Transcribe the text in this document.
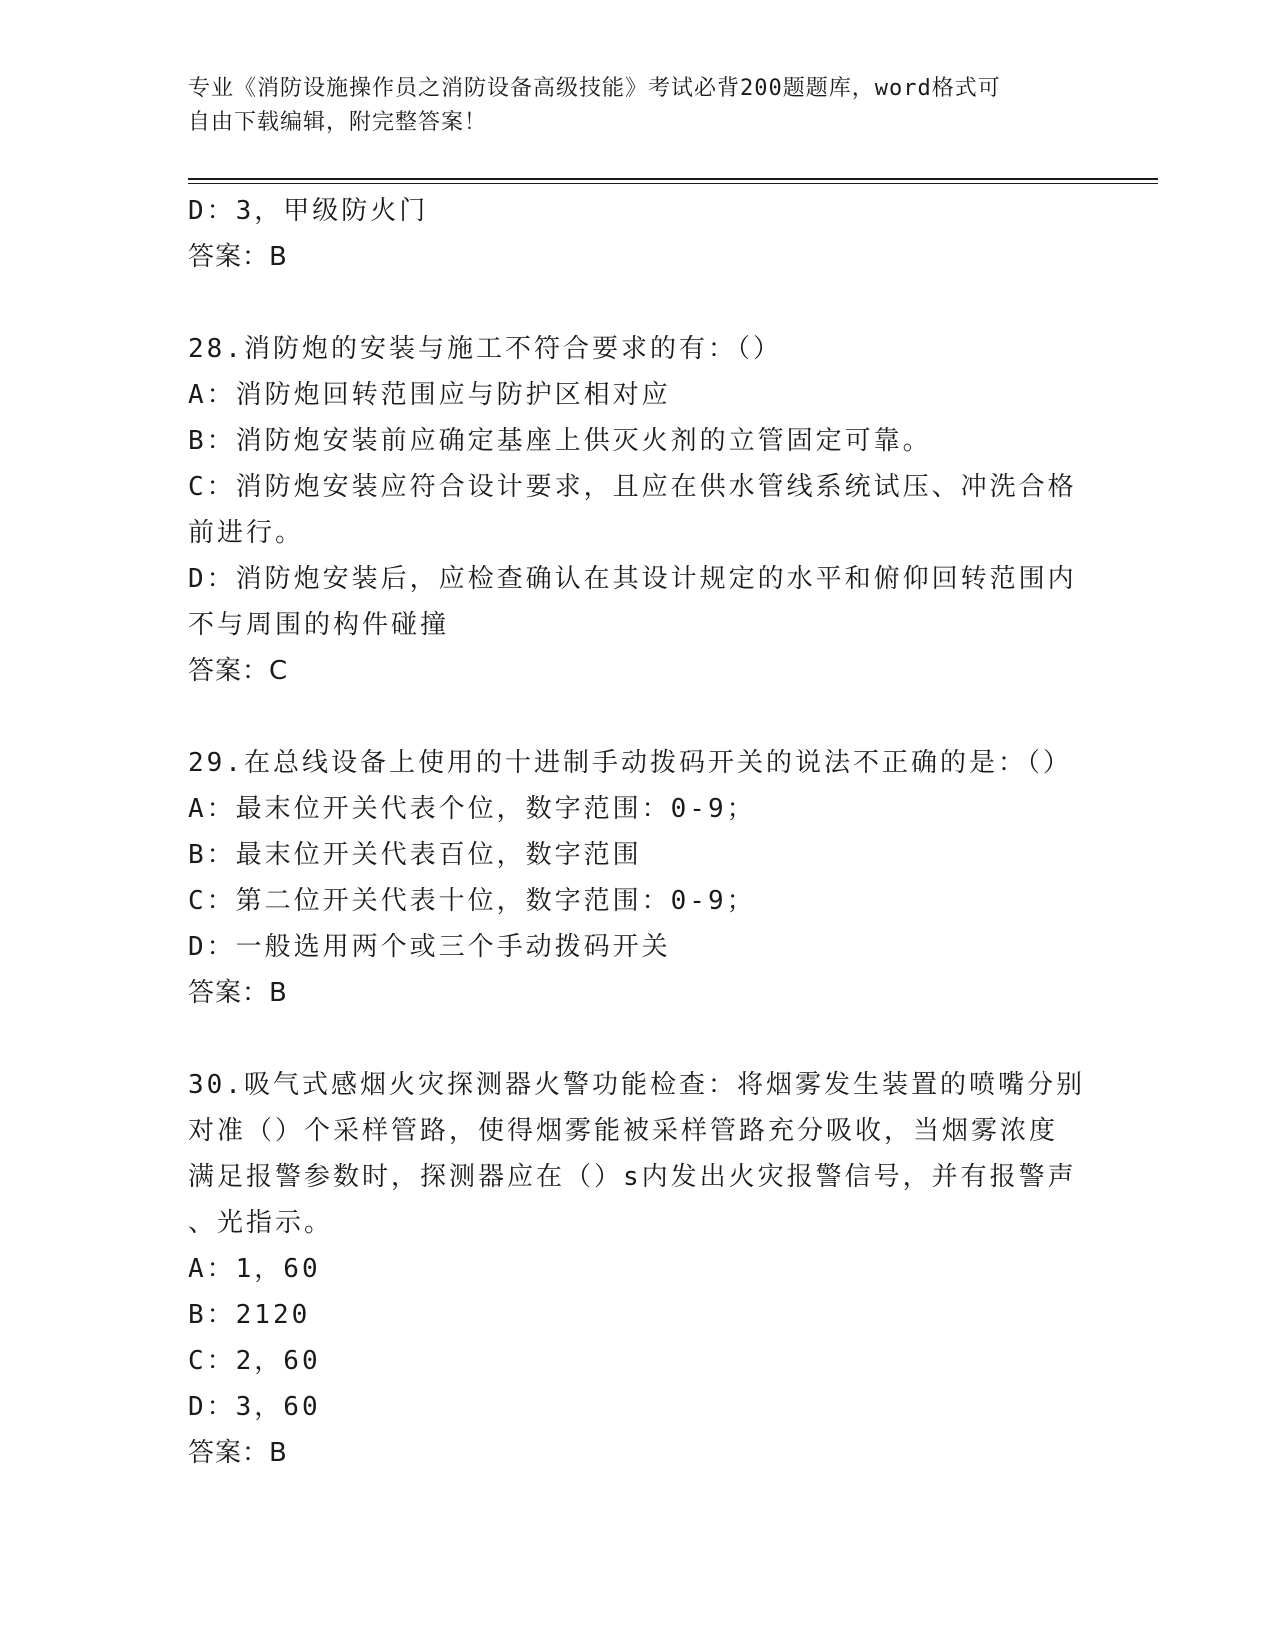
专业《消防设施操作员之消防设备高级技能》考试必背200题题库，word格式可
自由下载编辑，附完整答案！
D：3，甲级防火门
答案：B
28.消防炮的安装与施工不符合要求的有：（）
A：消防炮回转范围应与防护区相对应
B：消防炮安装前应确定基座上供灭火剂的立管固定可靠。
C：消防炮安装应符合设计要求，且应在供水管线系统试压、冲洗合格
前进行。
D：消防炮安装后，应检查确认在其设计规定的水平和俯仰回转范围内
不与周围的构件碰撞
答案：C
29.在总线设备上使用的十进制手动拨码开关的说法不正确的是：（）
A：最末位开关代表个位，数字范围：0-9；
B：最末位开关代表百位，数字范围
C：第二位开关代表十位，数字范围：0-9；
D：一般选用两个或三个手动拨码开关
答案：B
30.吸气式感烟火灾探测器火警功能检查：将烟雾发生装置的喷嘴分别
对准（）个采样管路，使得烟雾能被采样管路充分吸收，当烟雾浓度
满足报警参数时，探测器应在（）s内发出火灾报警信号，并有报警声
、光指示。
A：1，60
B：2120
C：2，60
D：3，60
答案：B
